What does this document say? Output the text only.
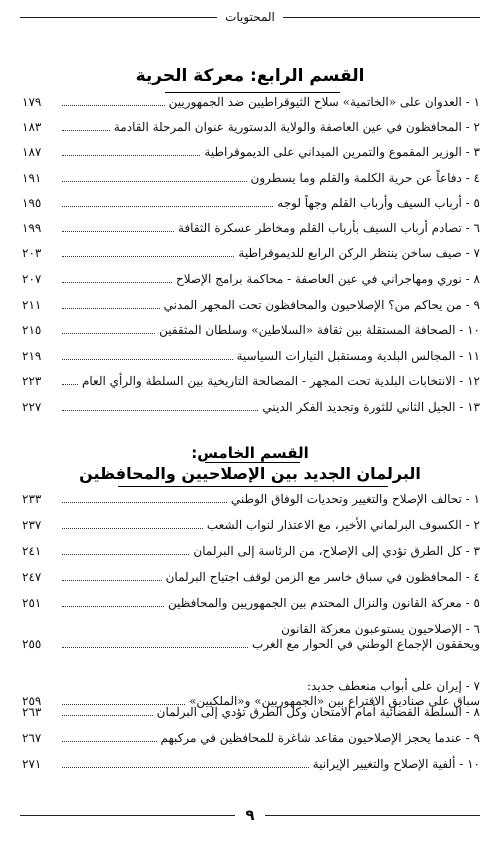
المحتويات
القسم الرابع: معركة الحرية
١ - العدوان على «الخاتمية» سلاح الثيوقراطيين ضد الجمهوريين
١٧٩
٢ - المحافظون في عين العاصفة والولاية الدستورية عنوان المرحلة القادمة
١٨٣
٣ - الوزير المقموع والتمرين الميداني على الديموقراطية
١٨٧
٤ - دفاعاً عن حرية الكلمة والقلم وما يسطرون
١٩١
٥ - أرباب السيف وأرباب القلم وجهاً لوجه
١٩٥
٦ - تصادم أرباب السيف بأرباب القلم ومخاطر عسكرة الثقافة
١٩٩
٧ - صيف ساخن ينتظر الركن الرابع للديموقراطية
٢٠٣
٨ - نوري ومهاجراني في عين العاصفة - محاكمة برامج الإصلاح
٢٠٧
٩ - من يحاكم من؟ الإصلاحيون والمحافظون تحت المجهر المدني
٢١١
١٠ - الصحافة المستقلة بين ثقافة «السلاطين» وسلطان المثقفين
٢١٥
١١ - المجالس البلدية ومستقبل التيارات السياسية
٢١٩
١٢ - الانتخابات البلدية تحت المجهر - المصالحة التاريخية بين السلطة والرأي العام
٢٢٣
١٣ - الجيل الثاني للثورة وتجديد الفكر الديني
٢٢٧
القسم الخامس:
البرلمان الجديد بين الإصلاحيين والمحافظين
١ - تحالف الإصلاح والتغيير وتحديات الوفاق الوطني
٢٣٣
٢ - الكسوف البرلماني الأخير، مع الاعتذار لنواب الشعب
٢٣٧
٣ - كل الطرق تؤدي إلى الإصلاح، من الرئاسة إلى البرلمان
٢٤١
٤ - المحافظون في سباق خاسر مع الزمن لوقف اجتياح البرلمان
٢٤٧
٥ - معركة القانون والنزال المحتدم بين الجمهوريين والمحافظين
٢٥١
٦ - الإصلاحيون يستوعبون معركة القانون
ويحققون الإجماع الوطني في الحوار مع الغرب
٢٥٥
٧ - إيران على أبواب منعطف جديد:
سباق على صناديق الاقتراع بين «الجمهوريين» و«الملكيين»
٢٥٩
٨ - السلطة القضائية أمام الامتحان وكل الطرق تؤدي إلى البرلمان
٢٦٣
٩ - عندما يحجز الإصلاحيون مقاعد شاغرة للمحافظين في مركبهم
٢٦٧
١٠ - ألفية الإصلاح والتغيير الإيرانية
٢٧١
٩
